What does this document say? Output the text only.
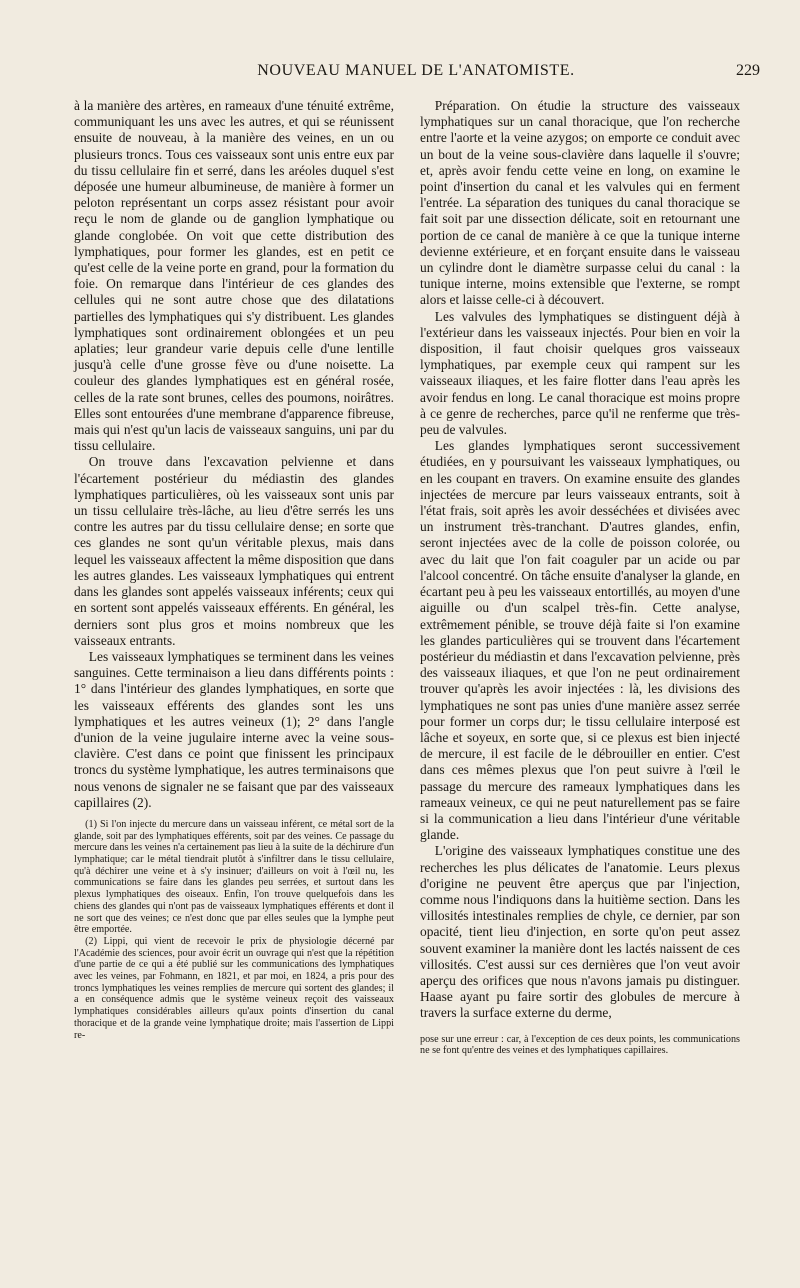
NOUVEAU MANUEL DE L'ANATOMISTE.	229

à la manière des artères, en rameaux d'une ténuité extrême, communiquant les uns avec les autres, et qui se réunissent ensuite de nouveau, à la manière des veines, en un ou plusieurs troncs. Tous ces vaisseaux sont unis entre eux par du tissu cellulaire fin et serré, dans les aréoles duquel s'est déposée une humeur albumineuse, de manière à former un peloton représentant un corps assez résistant pour avoir reçu le nom de glande ou de ganglion lymphatique ou glande conglobée. On voit que cette distribution des lymphatiques, pour former les glandes, est en petit ce qu'est celle de la veine porte en grand, pour la formation du foie. On remarque dans l'intérieur de ces glandes des cellules qui ne sont autre chose que des dilatations partielles des lymphatiques qui s'y distribuent. Les glandes lymphatiques sont ordinairement oblongées et un peu aplaties; leur grandeur varie depuis celle d'une lentille jusqu'à celle d'une grosse fève ou d'une noisette. La couleur des glandes lymphatiques est en général rosée, celles de la rate sont brunes, celles des poumons, noirâtres. Elles sont entourées d'une membrane d'apparence fibreuse, mais qui n'est qu'un lacis de vaisseaux sanguins, uni par du tissu cellulaire.

On trouve dans l'excavation pelvienne et dans l'écartement postérieur du médiastin des glandes lymphatiques particulières, où les vaisseaux sont unis par un tissu cellulaire très-lâche, au lieu d'être serrés les uns contre les autres par du tissu cellulaire dense; en sorte que ces glandes ne sont qu'un véritable plexus, mais dans lequel les vaisseaux affectent la même disposition que dans les autres glandes. Les vaisseaux lymphatiques qui entrent dans les glandes sont appelés vaisseaux inférents; ceux qui en sortent sont appelés vaisseaux efférents. En général, les derniers sont plus gros et moins nombreux que les vaisseaux entrants.

Les vaisseaux lymphatiques se terminent dans les veines sanguines. Cette terminaison a lieu dans différents points : 1° dans l'intérieur des glandes lymphatiques, en sorte que les vaisseaux efférents des glandes sont les uns lymphatiques et les autres veineux (1); 2° dans l'angle d'union de la veine jugulaire interne avec la veine sous-clavière. C'est dans ce point que finissent les principaux troncs du système lymphatique, les autres terminaisons que nous venons de signaler ne se faisant que par des vaisseaux capillaires (2).

(1) Si l'on injecte du mercure dans un vaisseau inférent, ce métal sort de la glande, soit par des lymphatiques efférents, soit par des veines. Ce passage du mercure dans les veines n'a certainement pas lieu à la suite de la déchirure d'un lymphatique; car le métal tiendrait plutôt à s'infiltrer dans le tissu cellulaire, qu'à déchirer une veine et à s'y insinuer; d'ailleurs on voit à l'œil nu, les communications se faire dans les glandes peu serrées, et surtout dans les plexus lymphatiques des oiseaux. Enfin, l'on trouve quelquefois dans les chiens des glandes qui n'ont pas de vaisseaux lymphatiques efférents et dont il ne sort que des veines; ce n'est donc que par elles seules que la lymphe peut être emportée.

(2) Lippi, qui vient de recevoir le prix de physiologie décerné par l'Académie des sciences, pour avoir écrit un ouvrage qui n'est que la répétition d'une partie de ce qui a été publié sur les communications des lymphatiques avec les veines, par Fohmann, en 1821, et par moi, en 1824, a pris pour des troncs lymphatiques les veines remplies de mercure qui sortent des glandes; il a en conséquence admis que le système veineux reçoit des vaisseaux lymphatiques considérables ailleurs qu'aux points d'insertion du canal thoracique et de la grande veine lymphatique droite; mais l'assertion de Lippi re-

Préparation. On étudie la structure des vaisseaux lymphatiques sur un canal thoracique, que l'on recherche entre l'aorte et la veine azygos; on emporte ce conduit avec un bout de la veine sous-clavière dans laquelle il s'ouvre; et, après avoir fendu cette veine en long, on examine le point d'insertion du canal et les valvules qui en ferment l'entrée. La séparation des tuniques du canal thoracique se fait soit par une dissection délicate, soit en retournant une portion de ce canal de manière à ce que la tunique interne devienne extérieure, et en forçant ensuite dans le vaisseau un cylindre dont le diamètre surpasse celui du canal : la tunique interne, moins extensible que l'externe, se rompt alors et laisse celle-ci à découvert.

Les valvules des lymphatiques se distinguent déjà à l'extérieur dans les vaisseaux injectés. Pour bien en voir la disposition, il faut choisir quelques gros vaisseaux lymphatiques, par exemple ceux qui rampent sur les vaisseaux iliaques, et les faire flotter dans l'eau après les avoir fendus en long. Le canal thoracique est moins propre à ce genre de recherches, parce qu'il ne renferme que très-peu de valvules.

Les glandes lymphatiques seront successivement étudiées, en y poursuivant les vaisseaux lymphatiques, ou en les coupant en travers. On examine ensuite des glandes injectées de mercure par leurs vaisseaux entrants, soit à l'état frais, soit après les avoir desséchées et divisées avec un instrument très-tranchant. D'autres glandes, enfin, seront injectées avec de la colle de poisson colorée, ou avec du lait que l'on fait coaguler par un acide ou par l'alcool concentré. On tâche ensuite d'analyser la glande, en écartant peu à peu les vaisseaux entortillés, au moyen d'une aiguille ou d'un scalpel très-fin. Cette analyse, extrêmement pénible, se trouve déjà faite si l'on examine les glandes particulières qui se trouvent dans l'écartement postérieur du médiastin et dans l'excavation pelvienne, près des vaisseaux iliaques, et que l'on ne peut ordinairement trouver qu'après les avoir injectées : là, les divisions des lymphatiques ne sont pas unies d'une manière assez serrée pour former un corps dur; le tissu cellulaire interposé est lâche et soyeux, en sorte que, si ce plexus est bien injecté de mercure, il est facile de le débrouiller en entier. C'est dans ces mêmes plexus que l'on peut suivre à l'œil le passage du mercure des rameaux lymphatiques dans les rameaux veineux, ce qui ne peut naturellement pas se faire si la communication a lieu dans l'intérieur d'une véritable glande.

L'origine des vaisseaux lymphatiques constitue une des recherches les plus délicates de l'anatomie. Leurs plexus d'origine ne peuvent être aperçus que par l'injection, comme nous l'indiquons dans la huitième section. Dans les villosités intestinales remplies de chyle, ce dernier, par son opacité, tient lieu d'injection, en sorte qu'on peut assez souvent examiner la manière dont les lactés naissent de ces villosités. C'est aussi sur ces dernières que l'on veut avoir aperçu des orifices que nous n'avons jamais pu distinguer. Haase ayant pu faire sortir des globules de mercure à travers la surface externe du derme,

pose sur une erreur : car, à l'exception de ces deux points, les communications ne se font qu'entre des veines et des lymphatiques capillaires.
